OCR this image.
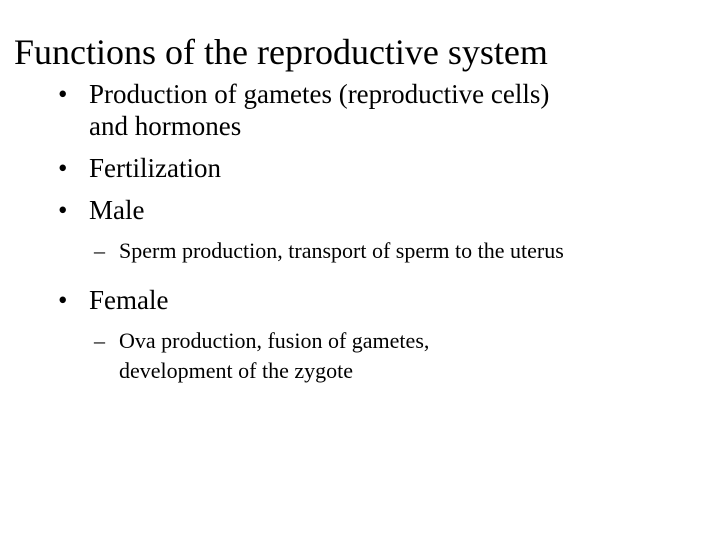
Functions of the reproductive system
• Production of gametes (reproductive cells)
and hormones
• Fertilization
• Male
– Sperm production, transport of sperm to the uterus
• Female
– Ova production, fusion of gametes,
development of the zygote
